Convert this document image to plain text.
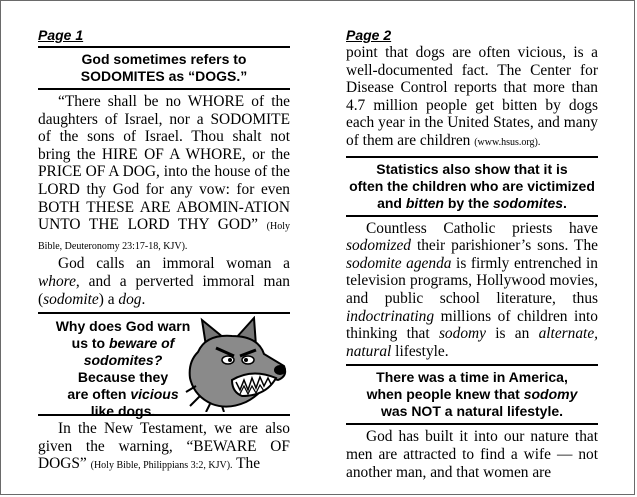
Page 1
God sometimes refers to
SODOMITES as “DOGS.”

“There shall be no WHORE of the daughters of Israel, nor a SODOMITE of the sons of Israel. Thou shalt not bring the HIRE OF A WHORE, or the PRICE OF A DOG, into the house of the LORD thy God for any vow: for even BOTH THESE ARE ABOMIN-ATION UNTO THE LORD THY GOD” (Holy Bible, Deuteronomy 23:17-18, KJV).

God calls an immoral woman a whore, and a perverted immoral man (sodomite) a dog.

Why does God warn
us to beware of
sodomites?
Because they
are often vicious
like dogs.

In the New Testament, we are also given the warning, “BEWARE OF DOGS” (Holy Bible, Philippians 3:2, KJV). The

Page 2

point that dogs are often vicious, is a well-documented fact. The Center for Disease Control reports that more than 4.7 million people get bitten by dogs each year in the United States, and many of them are children (www.hsus.org).

Statistics also show that it is
often the children who are victimized
and bitten by the sodomites.

Countless Catholic priests have sodomized their parishioner’s sons. The sodomite agenda is firmly entrenched in television programs, Hollywood movies, and public school literature, thus indoctrinating millions of children into thinking that sodomy is an alternate, natural lifestyle.

There was a time in America,
when people knew that sodomy
was NOT a natural lifestyle.

God has built it into our nature that men are attracted to find a wife — not another man, and that women are
